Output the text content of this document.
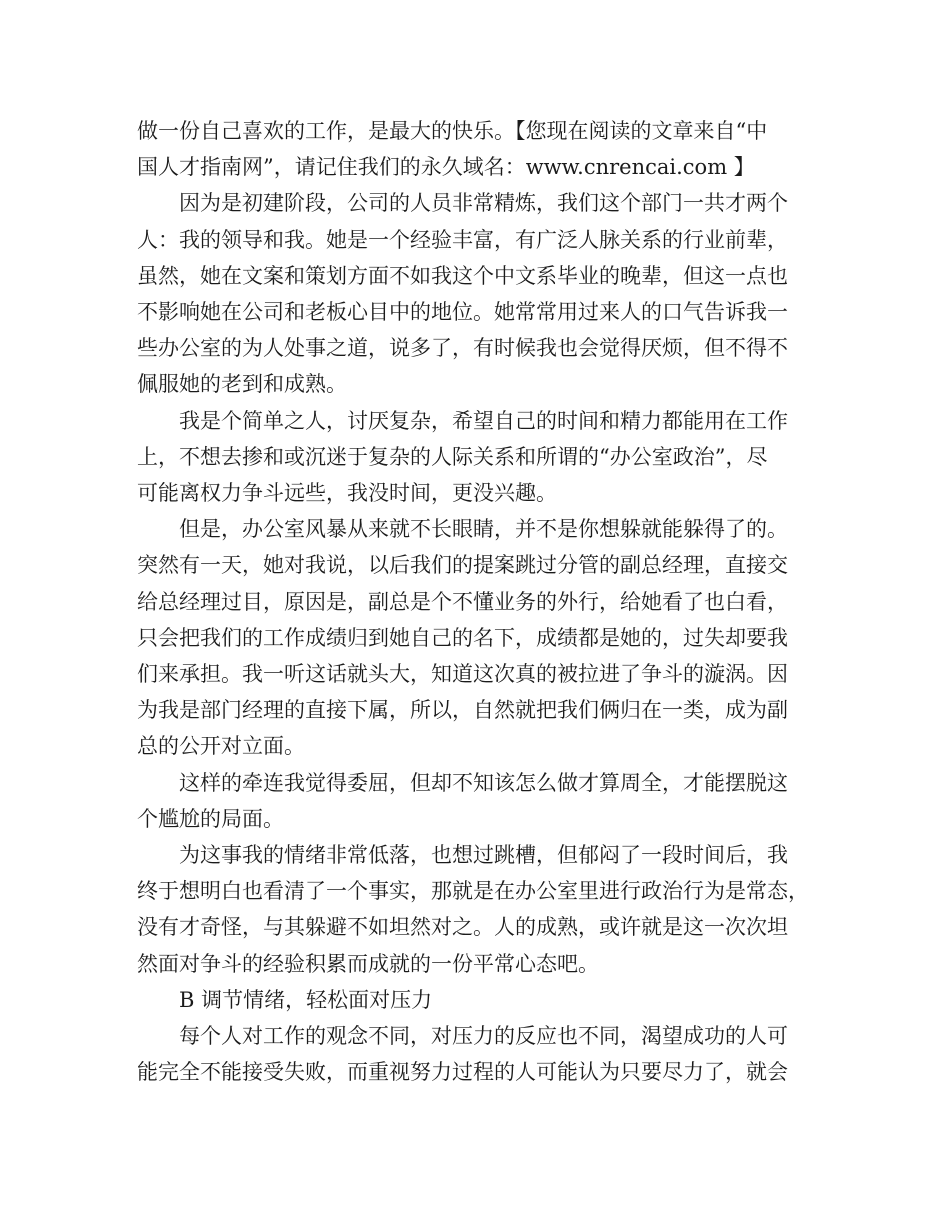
做一份自己喜欢的工作，是最大的快乐。【您现在阅读的文章来自“中
国人才指南网”，请记住我们的永久域名：www.cnrencai.com 】

因为是初建阶段，公司的人员非常精炼，我们这个部门一共才两个
人：我的领导和我。她是一个经验丰富，有广泛人脉关系的行业前辈，
虽然，她在文案和策划方面不如我这个中文系毕业的晚辈，但这一点也
不影响她在公司和老板心目中的地位。她常常用过来人的口气告诉我一
些办公室的为人处事之道，说多了，有时候我也会觉得厌烦，但不得不
佩服她的老到和成熟。

我是个简单之人，讨厌复杂，希望自己的时间和精力都能用在工作
上，不想去掺和或沉迷于复杂的人际关系和所谓的“办公室政治”，尽
可能离权力争斗远些，我没时间，更没兴趣。

但是，办公室风暴从来就不长眼睛，并不是你想躲就能躲得了的。
突然有一天，她对我说，以后我们的提案跳过分管的副总经理，直接交
给总经理过目，原因是，副总是个不懂业务的外行，给她看了也白看，
只会把我们的工作成绩归到她自己的名下，成绩都是她的，过失却要我
们来承担。我一听这话就头大，知道这次真的被拉进了争斗的漩涡。因
为我是部门经理的直接下属，所以，自然就把我们俩归在一类，成为副
总的公开对立面。

这样的牵连我觉得委屈，但却不知该怎么做才算周全，才能摆脱这
个尴尬的局面。

为这事我的情绪非常低落，也想过跳槽，但郁闷了一段时间后，我
终于想明白也看清了一个事实，那就是在办公室里进行政治行为是常态，
没有才奇怪，与其躲避不如坦然对之。人的成熟，或许就是这一次次坦
然面对争斗的经验积累而成就的一份平常心态吧。

B 调节情绪，轻松面对压力

每个人对工作的观念不同，对压力的反应也不同，渴望成功的人可
能完全不能接受失败，而重视努力过程的人可能认为只要尽力了，就会
